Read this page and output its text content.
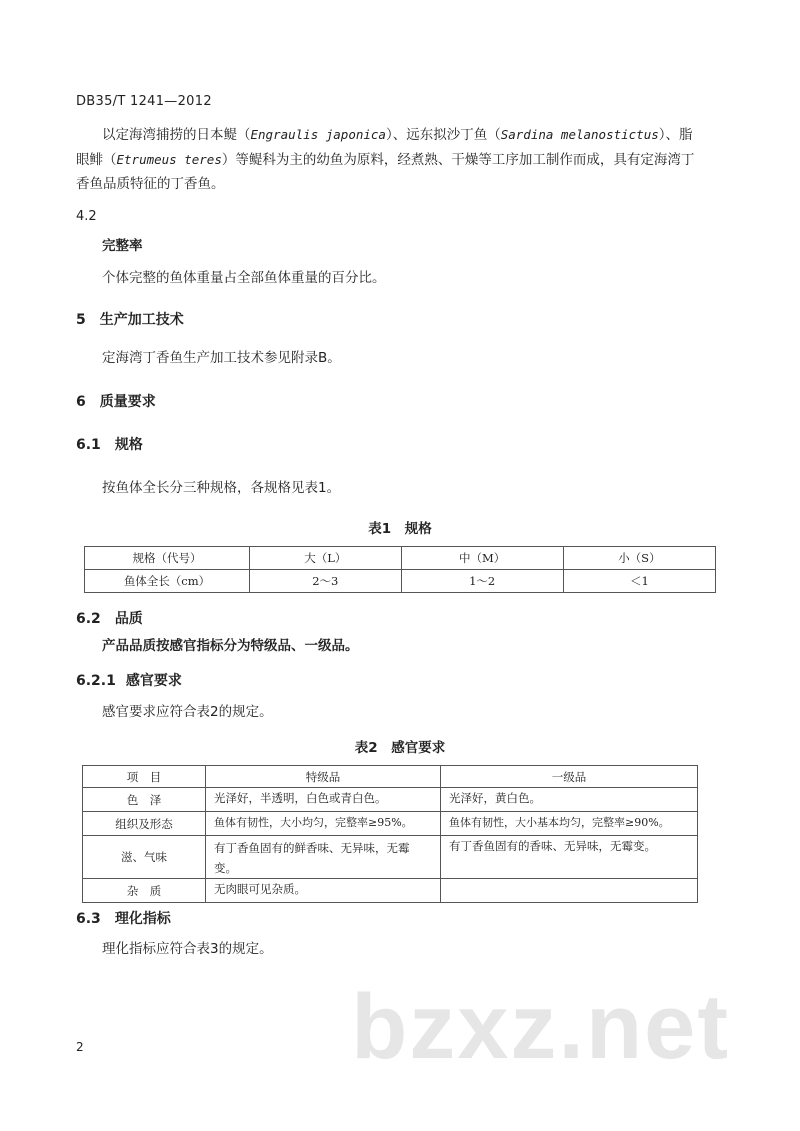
DB35/T 1241—2012
以定海湾捕捞的日本鳀（Engraulis japonica）、远东拟沙丁鱼（Sardina melanostictus）、脂
眼鲱（Etrumeus teres）等鳀科为主的幼鱼为原料，经煮熟、干燥等工序加工制作而成，具有定海湾丁
香鱼品质特征的丁香鱼。
4.2
完整率
个体完整的鱼体重量占全部鱼体重量的百分比。
5 生产加工技术
定海湾丁香鱼生产加工技术参见附录B。
6 质量要求
6.1 规格
按鱼体全长分三种规格，各规格见表1。
表1　规格
规格（代号）	大（L）	中（M）	小（S）
鱼体全长（cm）	2～3	1～2	＜1
6.2 品质
产品品质按感官指标分为特级品、一级品。
6.2.1 感官要求
感官要求应符合表2的规定。
表2　感官要求
项　目	特级品	一级品
色　泽	光泽好，半透明，白色或青白色。	光泽好，黄白色。
组织及形态	鱼体有韧性，大小均匀，完整率≥95%。	鱼体有韧性，大小基本均匀，完整率≥90%。
滋、气味	有丁香鱼固有的鲜香味、无异味，无霉变。	有丁香鱼固有的香味、无异味，无霉变。
杂　质	无肉眼可见杂质。	
6.3 理化指标
理化指标应符合表3的规定。
bzxz.net
2
